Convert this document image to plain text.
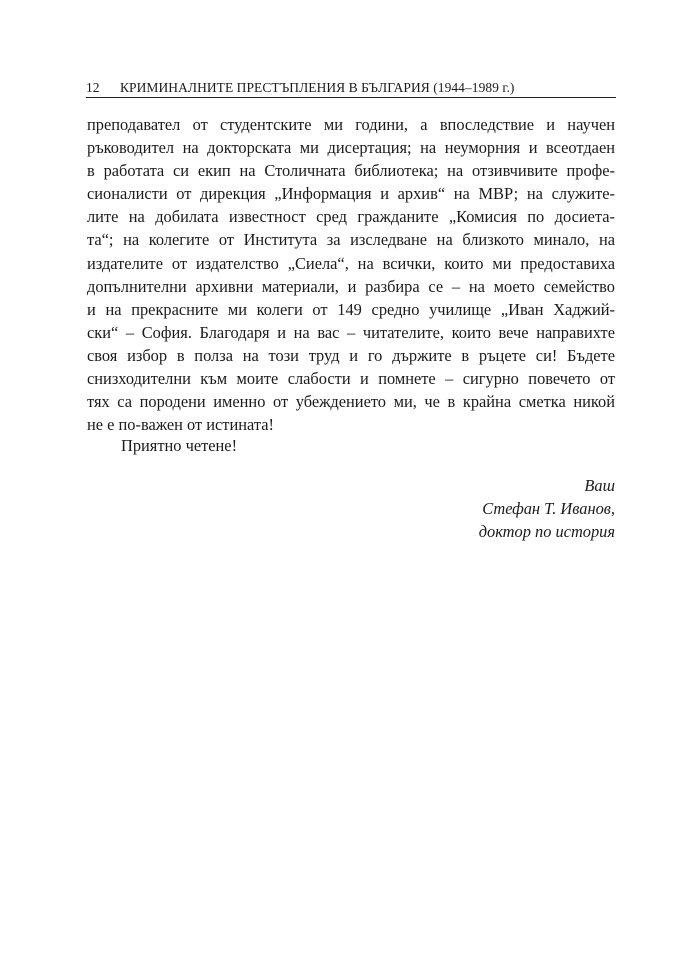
12 КРИМИНАЛНИТЕ ПРЕСТЪПЛЕНИЯ В БЪЛГАРИЯ (1944–1989 г.)
преподавател от студентските ми години, а впоследствие и научен
ръководител на докторската ми дисертация; на неуморния и всеотдаен
в работата си екип на Столичната библиотека; на отзивчивите профе-
сионалисти от дирекция „Информация и архив“ на МВР; на служите-
лите на добилата известност сред гражданите „Комисия по досиета-
та“; на колегите от Института за изследване на близкото минало, на
издателите от издателство „Сиела“, на всички, които ми предоставиха
допълнителни архивни материали, и разбира се – на моето семейство
и на прекрасните ми колеги от 149 средно училище „Иван Хаджий-
ски“ – София. Благодаря и на вас – читателите, които вече направихте
своя избор в полза на този труд и го държите в ръцете си! Бъдете
снизходителни към моите слабости и помнете – сигурно повечето от
тях са породени именно от убеждението ми, че в крайна сметка никой
не е по-важен от истината!
Приятно четене!
Ваш
Стефан Т. Иванов,
доктор по история
